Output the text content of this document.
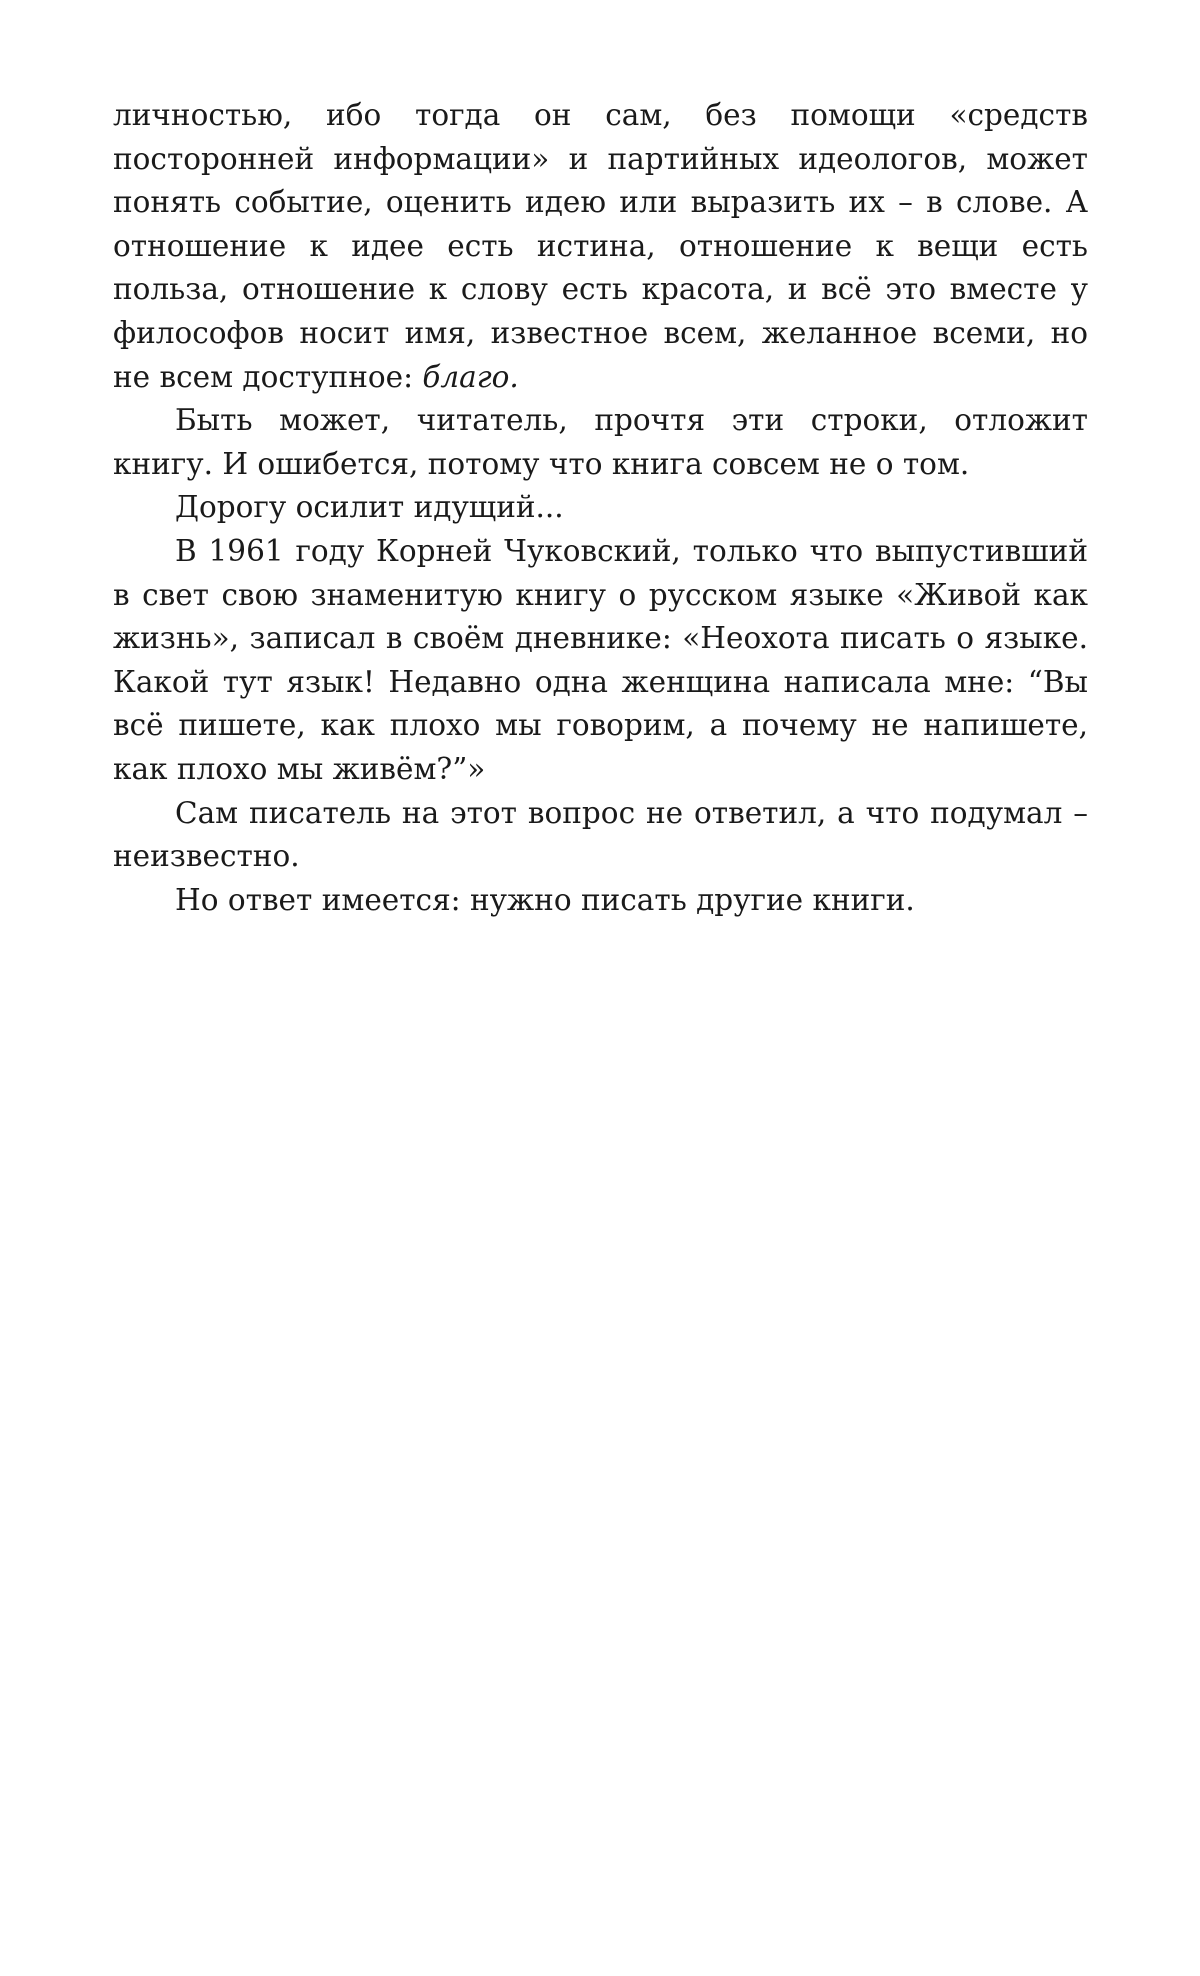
личностью, ибо тогда он сам, без помощи «средств посторонней информации» и партийных идеологов, может понять событие, оценить идею или выразить их – в слове. А отношение к идее есть истина, отношение к вещи есть польза, отношение к слову есть красота, и всё это вместе у философов носит имя, известное всем, желанное всеми, но не всем доступное: благо.

Быть может, читатель, прочтя эти строки, отложит книгу. И ошибется, потому что книга совсем не о том.

Дорогу осилит идущий...

В 1961 году Корней Чуковский, только что выпустивший в свет свою знаменитую книгу о русском языке «Живой как жизнь», записал в своём дневнике: «Неохота писать о языке. Какой тут язык! Недавно одна женщина написала мне: “Вы всё пишете, как плохо мы говорим, а почему не напишете, как плохо мы живём?”»

Сам писатель на этот вопрос не ответил, а что подумал – неизвестно.

Но ответ имеется: нужно писать другие книги.
